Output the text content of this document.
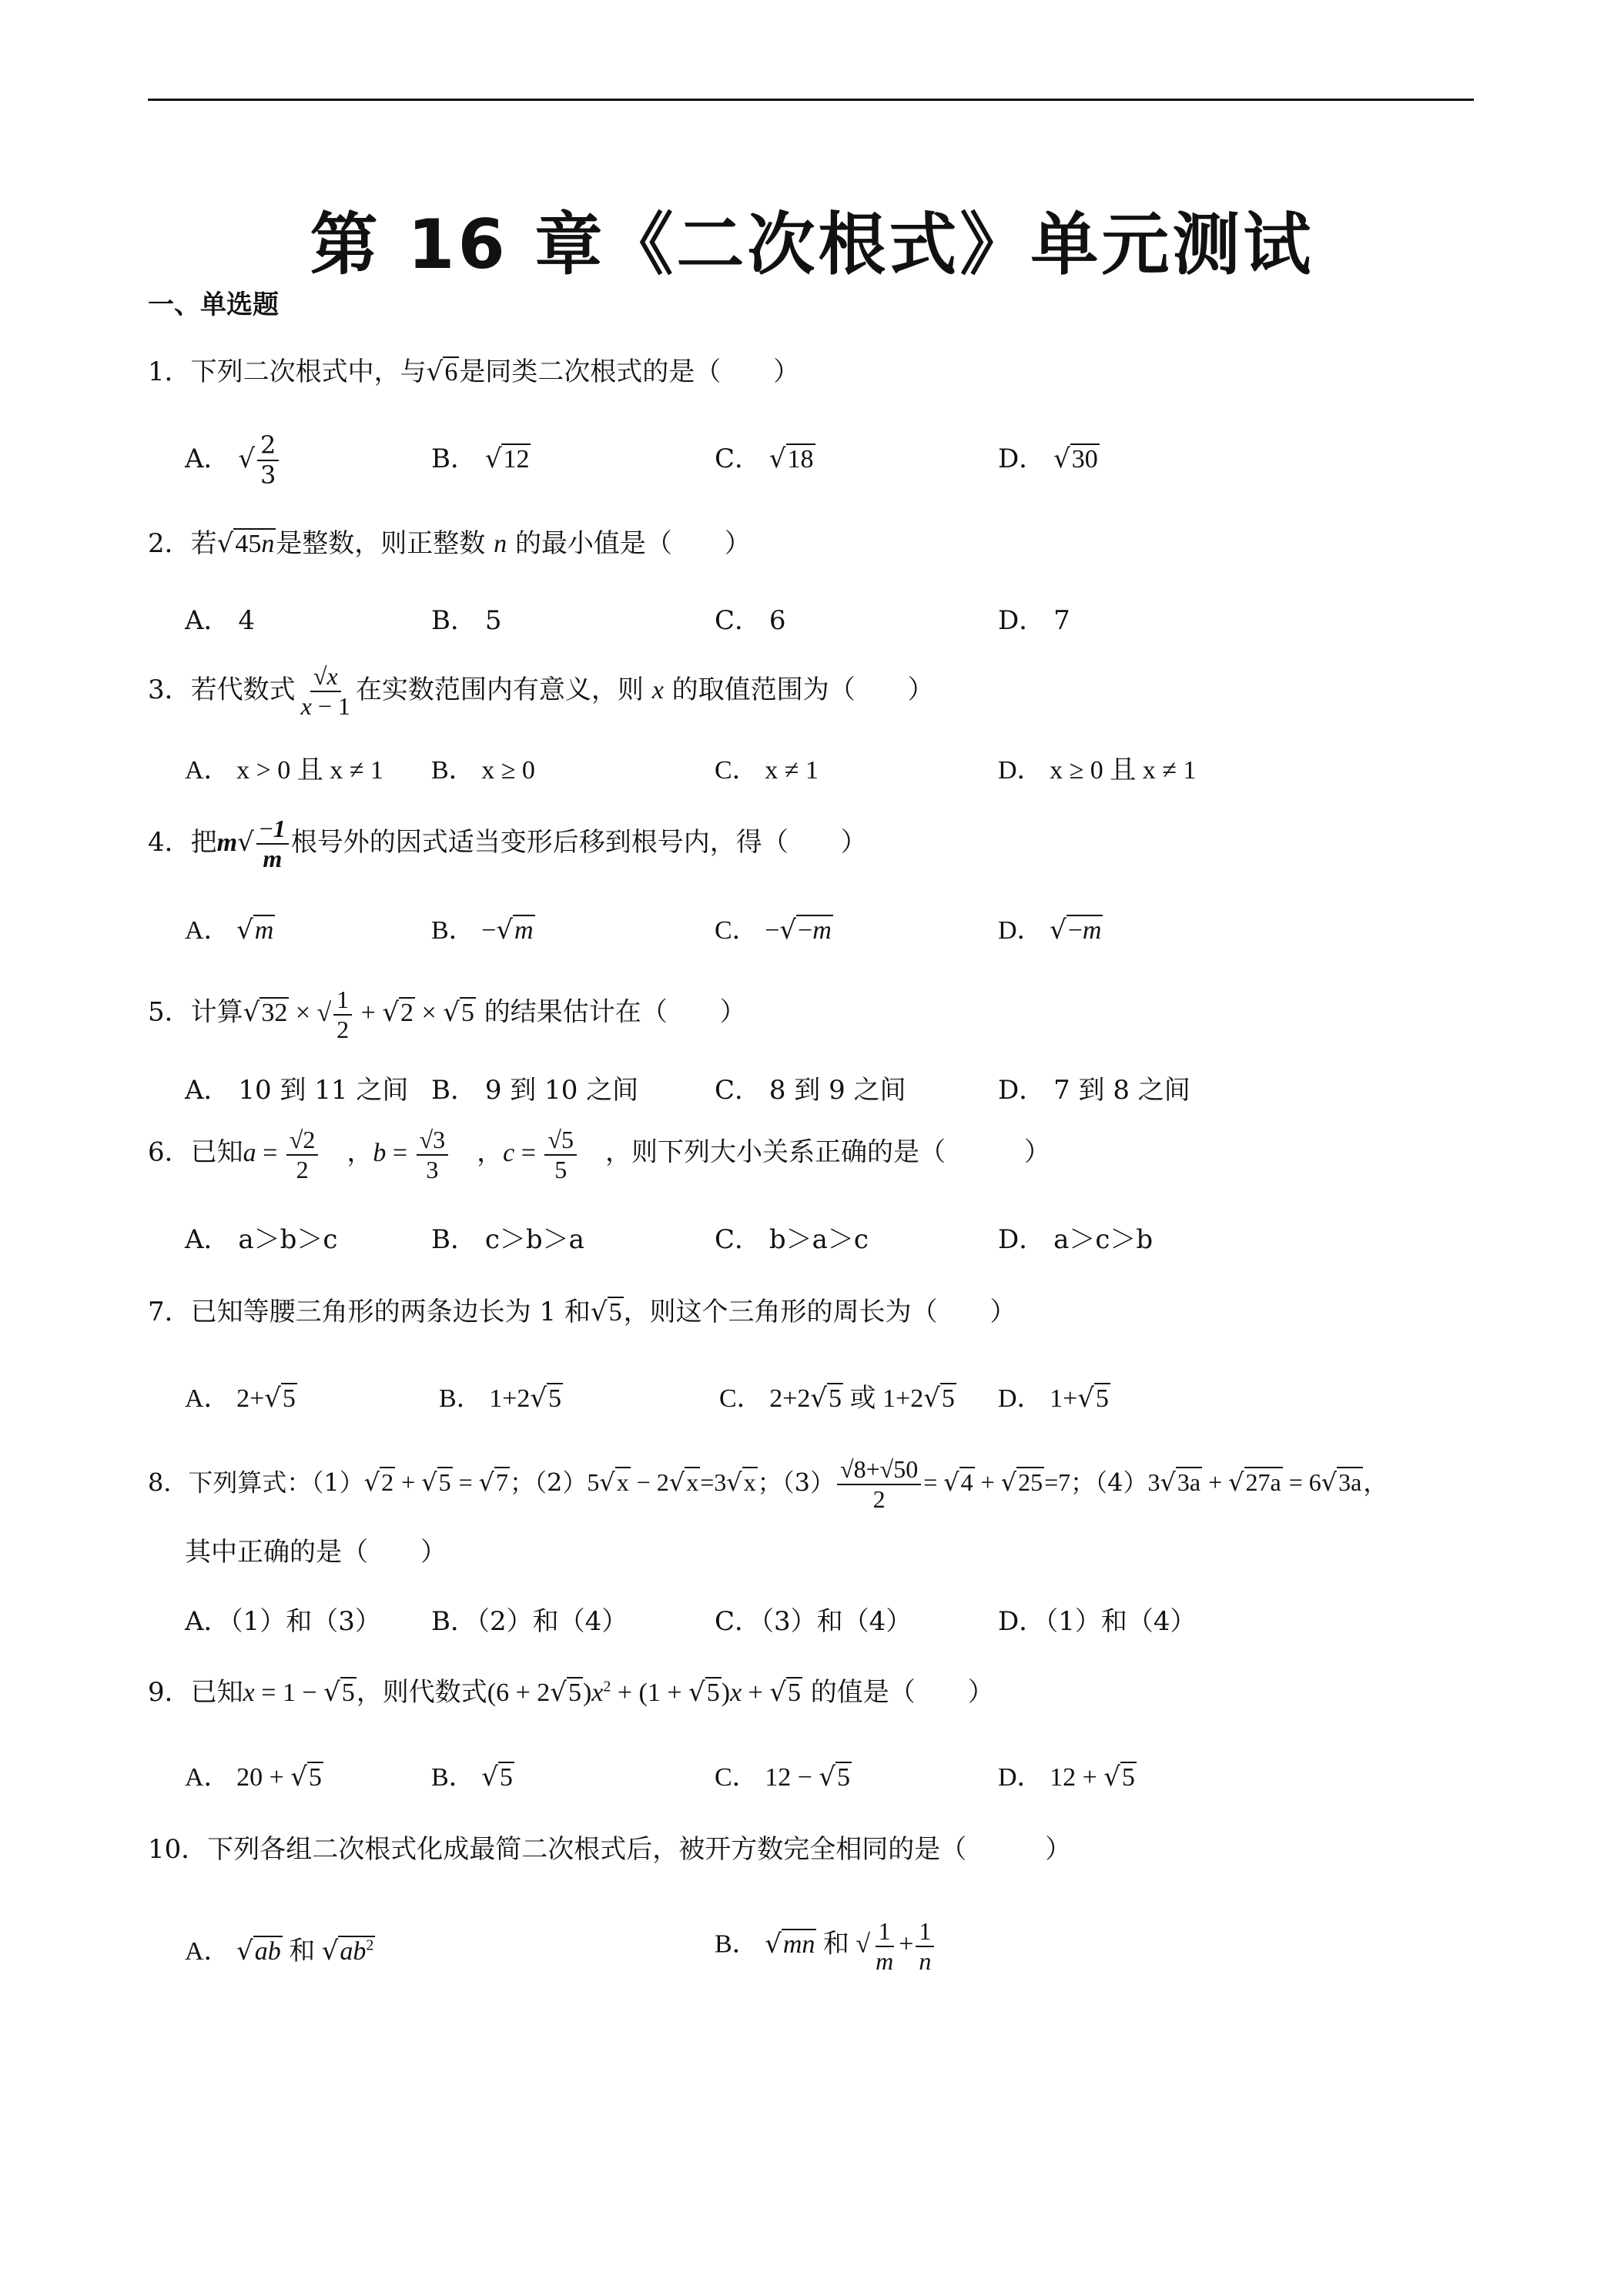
第 16 章《二次根式》单元测试
一、单选题
1．下列二次根式中，与√6是同类二次根式的是（　　）
A． √ $\frac{2}{3}$	B． √12	C． √18	D． √30
2．若√45n是整数，则正整数 n 的最小值是（　　）
A． 4	B． 5	C． 6	D． 7
3．若代数式 $\frac{√x}{x - 1}$ 在实数范围内有意义，则 x 的取值范围为（　　）
A． x > 0 且 x ≠ 1 B． x ≥ 0	C． x ≠ 1	D． x ≥ 0 且 x ≠ 1
4．把$m√ \frac{-1}{m}$ 根号外的因式适当变形后移到根号内，得（　　）
A． √m	B． −√m	C． −√−m	D． √−m
5．计算√32 × √ $\frac{1}{2} + √2 \times √5$ 的结果估计在（　　）
A． 10 到 11 之间 B． 9 到 10 之间	C． 8 到 9 之间	D． 7 到 8 之间
6．已知$a = \frac{√2}{2}$ 　，$b = \frac{√3}{3}$ 　，$c = \frac{√5}{5}$
　 ，则下列大小关系正确的是（　　　）
A． a＞b＞c	B． c＞b＞a	C． b＞a＞c	D． a＞c＞b
7．已知等腰三角形的两条边长为 1 和√5，则这个三角形的周长为（　　）
A． 2+√5	B． 1+2√5	C． 2+2√5 或 1+2√5 D． 1+√5
8．下列算式：（1）√2 + √5 = √7；（2）5√x − 2√x=3√x；$(3) \frac{√8+√50}{2} = √4 + √25=7$；（4）3√3a + √27a = 6√3a，
其中正确的是（　　）
A．（1）和（3） B．（2）和（4）	C．（3）和（4）	D．（1）和（4）
9．已知x = 1 − √5，则代数式$(6 + 2√5)x^2 + (1 + √5)x + √5$ 的值是（　　）
A． 20 + √5	B． √5	C． 12 − √5	D． 12 + √5
10．下列各组二次根式化成最简二次根式后，被开方数完全相同的是（　　　）
A． √ab 和 $√ab^2$	B． √mn 和 √ $\frac{1}{m} + \frac{1}{n}$
